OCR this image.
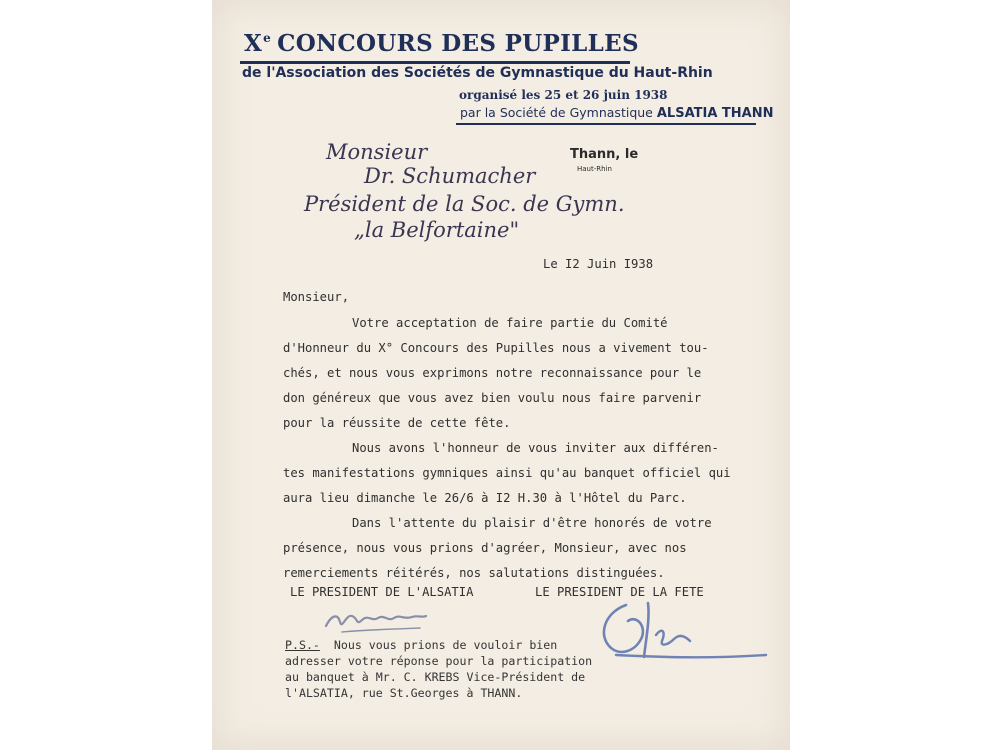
Xe CONCOURS DES PUPILLES
de l'Association des Sociétés de Gymnastique du Haut-Rhin
organisé les 25 et 26 juin 1938
par la Société de Gymnastique ALSATIA THANN
Thann, le
Haut-Rhin
Monsieur
Dr. Schumacher
Président de la Soc. de Gymn.
„la Belfortaine"
Le I2 Juin I938
Monsieur,
Votre acceptation de faire partie du Comité
d'Honneur du X° Concours des Pupilles nous a vivement tou-
chés, et nous vous exprimons notre reconnaissance pour le
don généreux que vous avez bien voulu nous faire parvenir
pour la réussite de cette fête.
Nous avons l'honneur de vous inviter aux différen-
tes manifestations gymniques ainsi qu'au banquet officiel qui
aura lieu dimanche le 26/6 à I2 H.30 à l'Hôtel du Parc.
Dans l'attente du plaisir d'être honorés de votre
présence, nous vous prions d'agréer, Monsieur, avec nos
remerciements réitérés, nos salutations distinguées.
LE PRESIDENT DE L'ALSATIA	LE PRESIDENT DE LA FETE
P.S.- Nous vous prions de vouloir bien
adresser votre réponse pour la participation
au banquet à Mr. C. KREBS Vice-Président de
l'ALSATIA, rue St.Georges à THANN.
